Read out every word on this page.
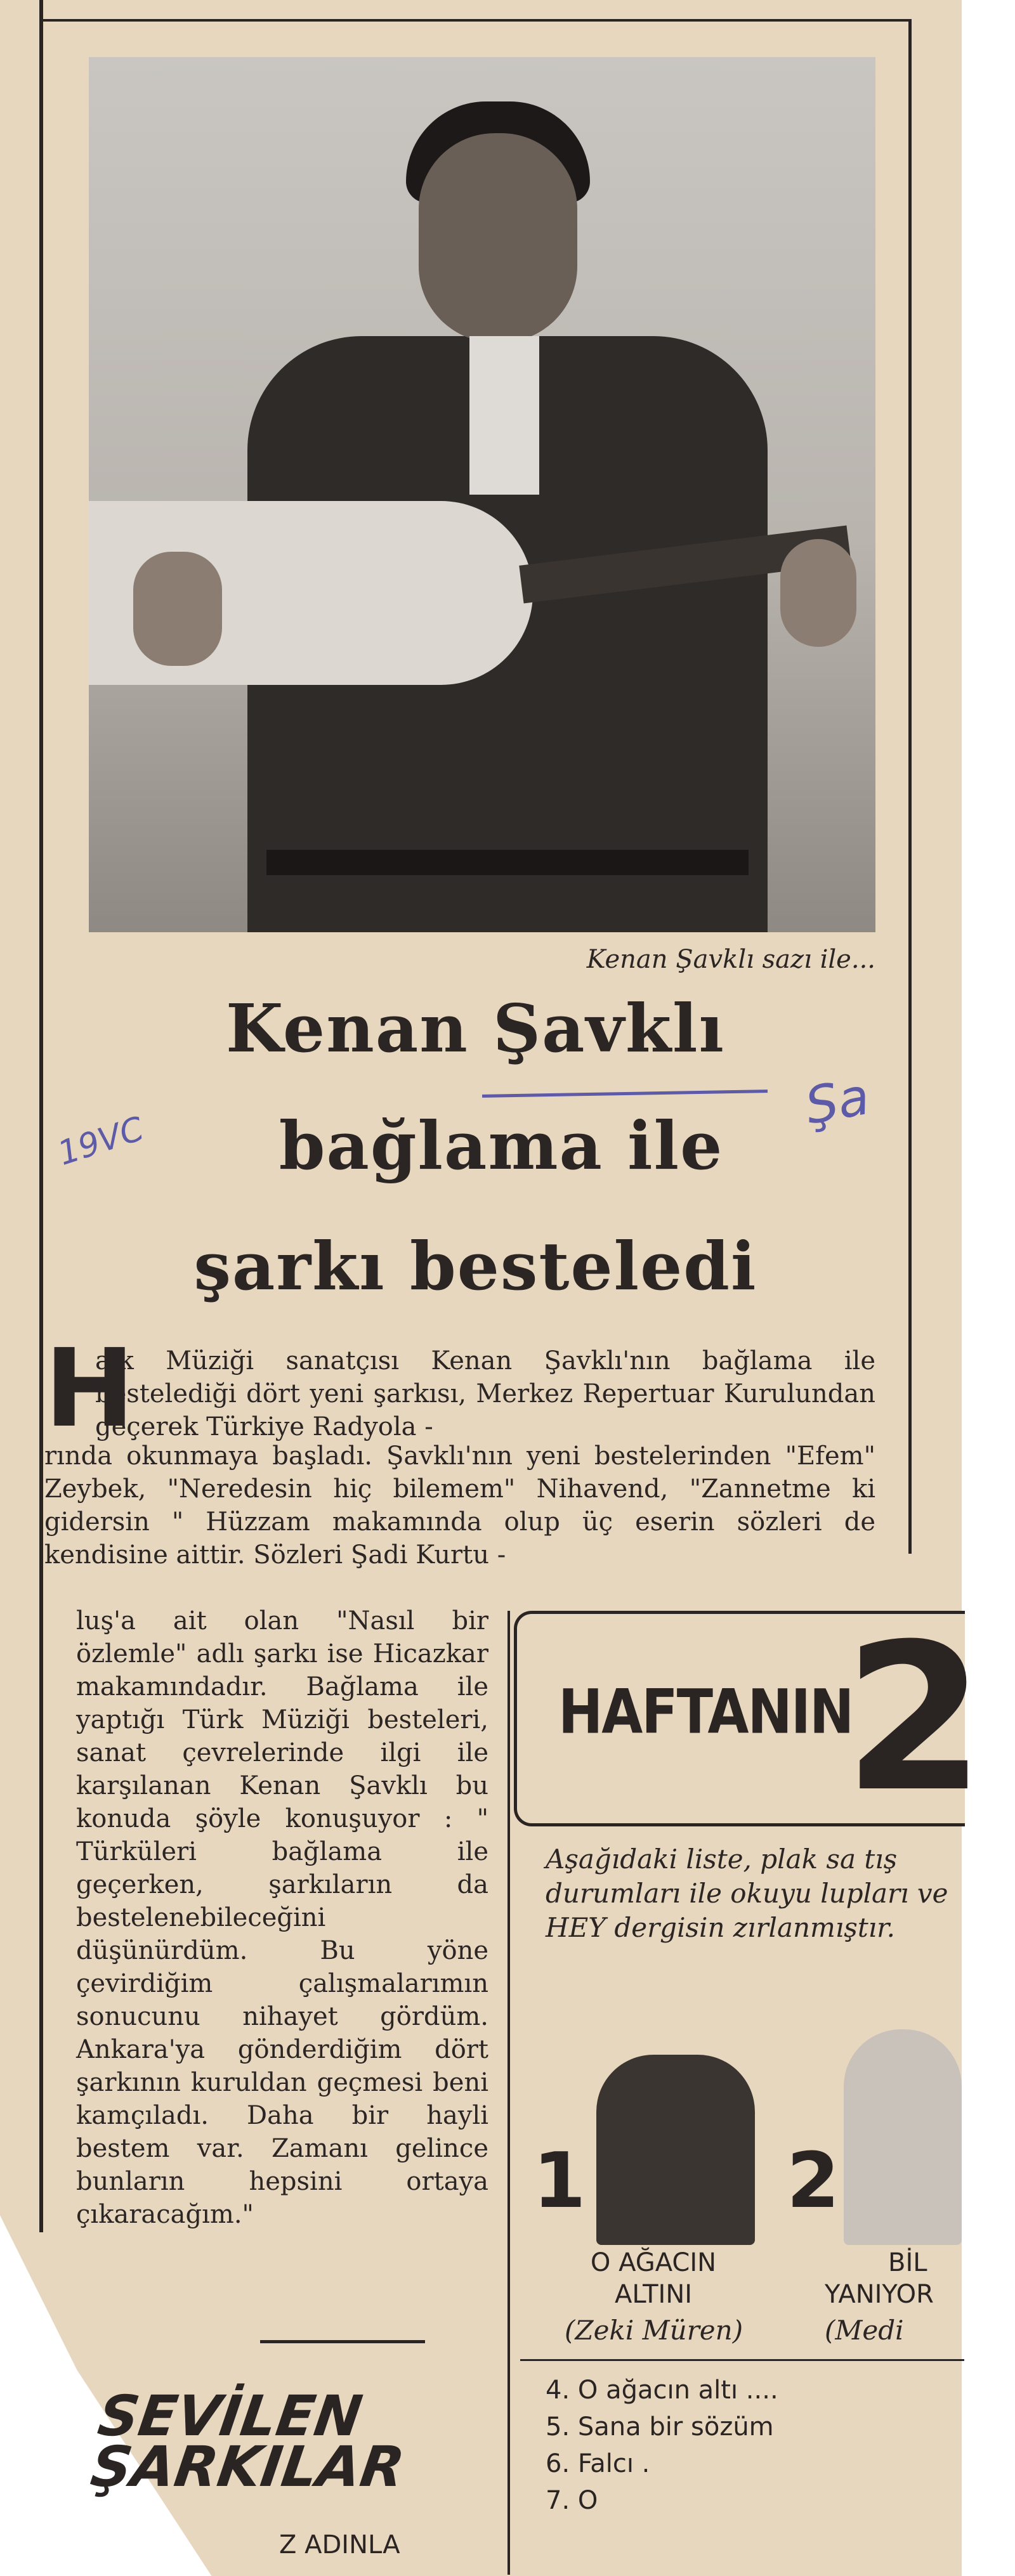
Kenan Şavklı sazı ile...
Kenan Şavklı
bağlama ile
şarkı besteledi
19VC
Şa
H
alk Müziği sanatçısı Kenan Şavklı'nın bağlama ile bestelediği dört yeni şarkısı, Merkez Repertuar Kurulundan geçerek Türkiye Radyola -
rında okunmaya başladı. Şavklı'nın yeni bestelerinden "Efem" Zeybek, "Neredesin hiç bilemem" Nihavend, "Zannetme ki gidersin " Hüzzam makamında olup üç eserin sözleri de kendisine aittir. Sözleri Şadi Kurtu -
luş'a ait olan "Nasıl bir özlemle" adlı şarkı ise Hicazkar makamındadır. Bağlama ile yaptığı Türk Müziği besteleri, sanat çevrelerinde ilgi ile karşılanan Kenan Şavklı bu konuda şöyle konuşuyor : " Türküleri bağlama ile geçerken, şarkıların da bestelenebileceğini düşünürdüm. Bu yöne çevirdiğim çalışmalarımın sonucunu nihayet gördüm. Ankara'ya gönderdiğim dört şarkının kuruldan geçmesi beni kamçıladı. Daha bir hayli bestem var. Zamanı gelince bunların hepsini ortaya çıkaracağım."
HAFTANIN
2
Aşağıdaki liste, plak sa tış durumları ile okuyu lupları ve HEY dergisin zırlanmıştır.
1	2
O AĞACIN
ALTINI
BİL
YANIYOR
(Zeki Müren)	(Medi
4. O ağacın altı ....
5. Sana bir sözüm
6. Falcı .
7. O
SEVİLEN
ŞARKILAR
Z ADINLA
